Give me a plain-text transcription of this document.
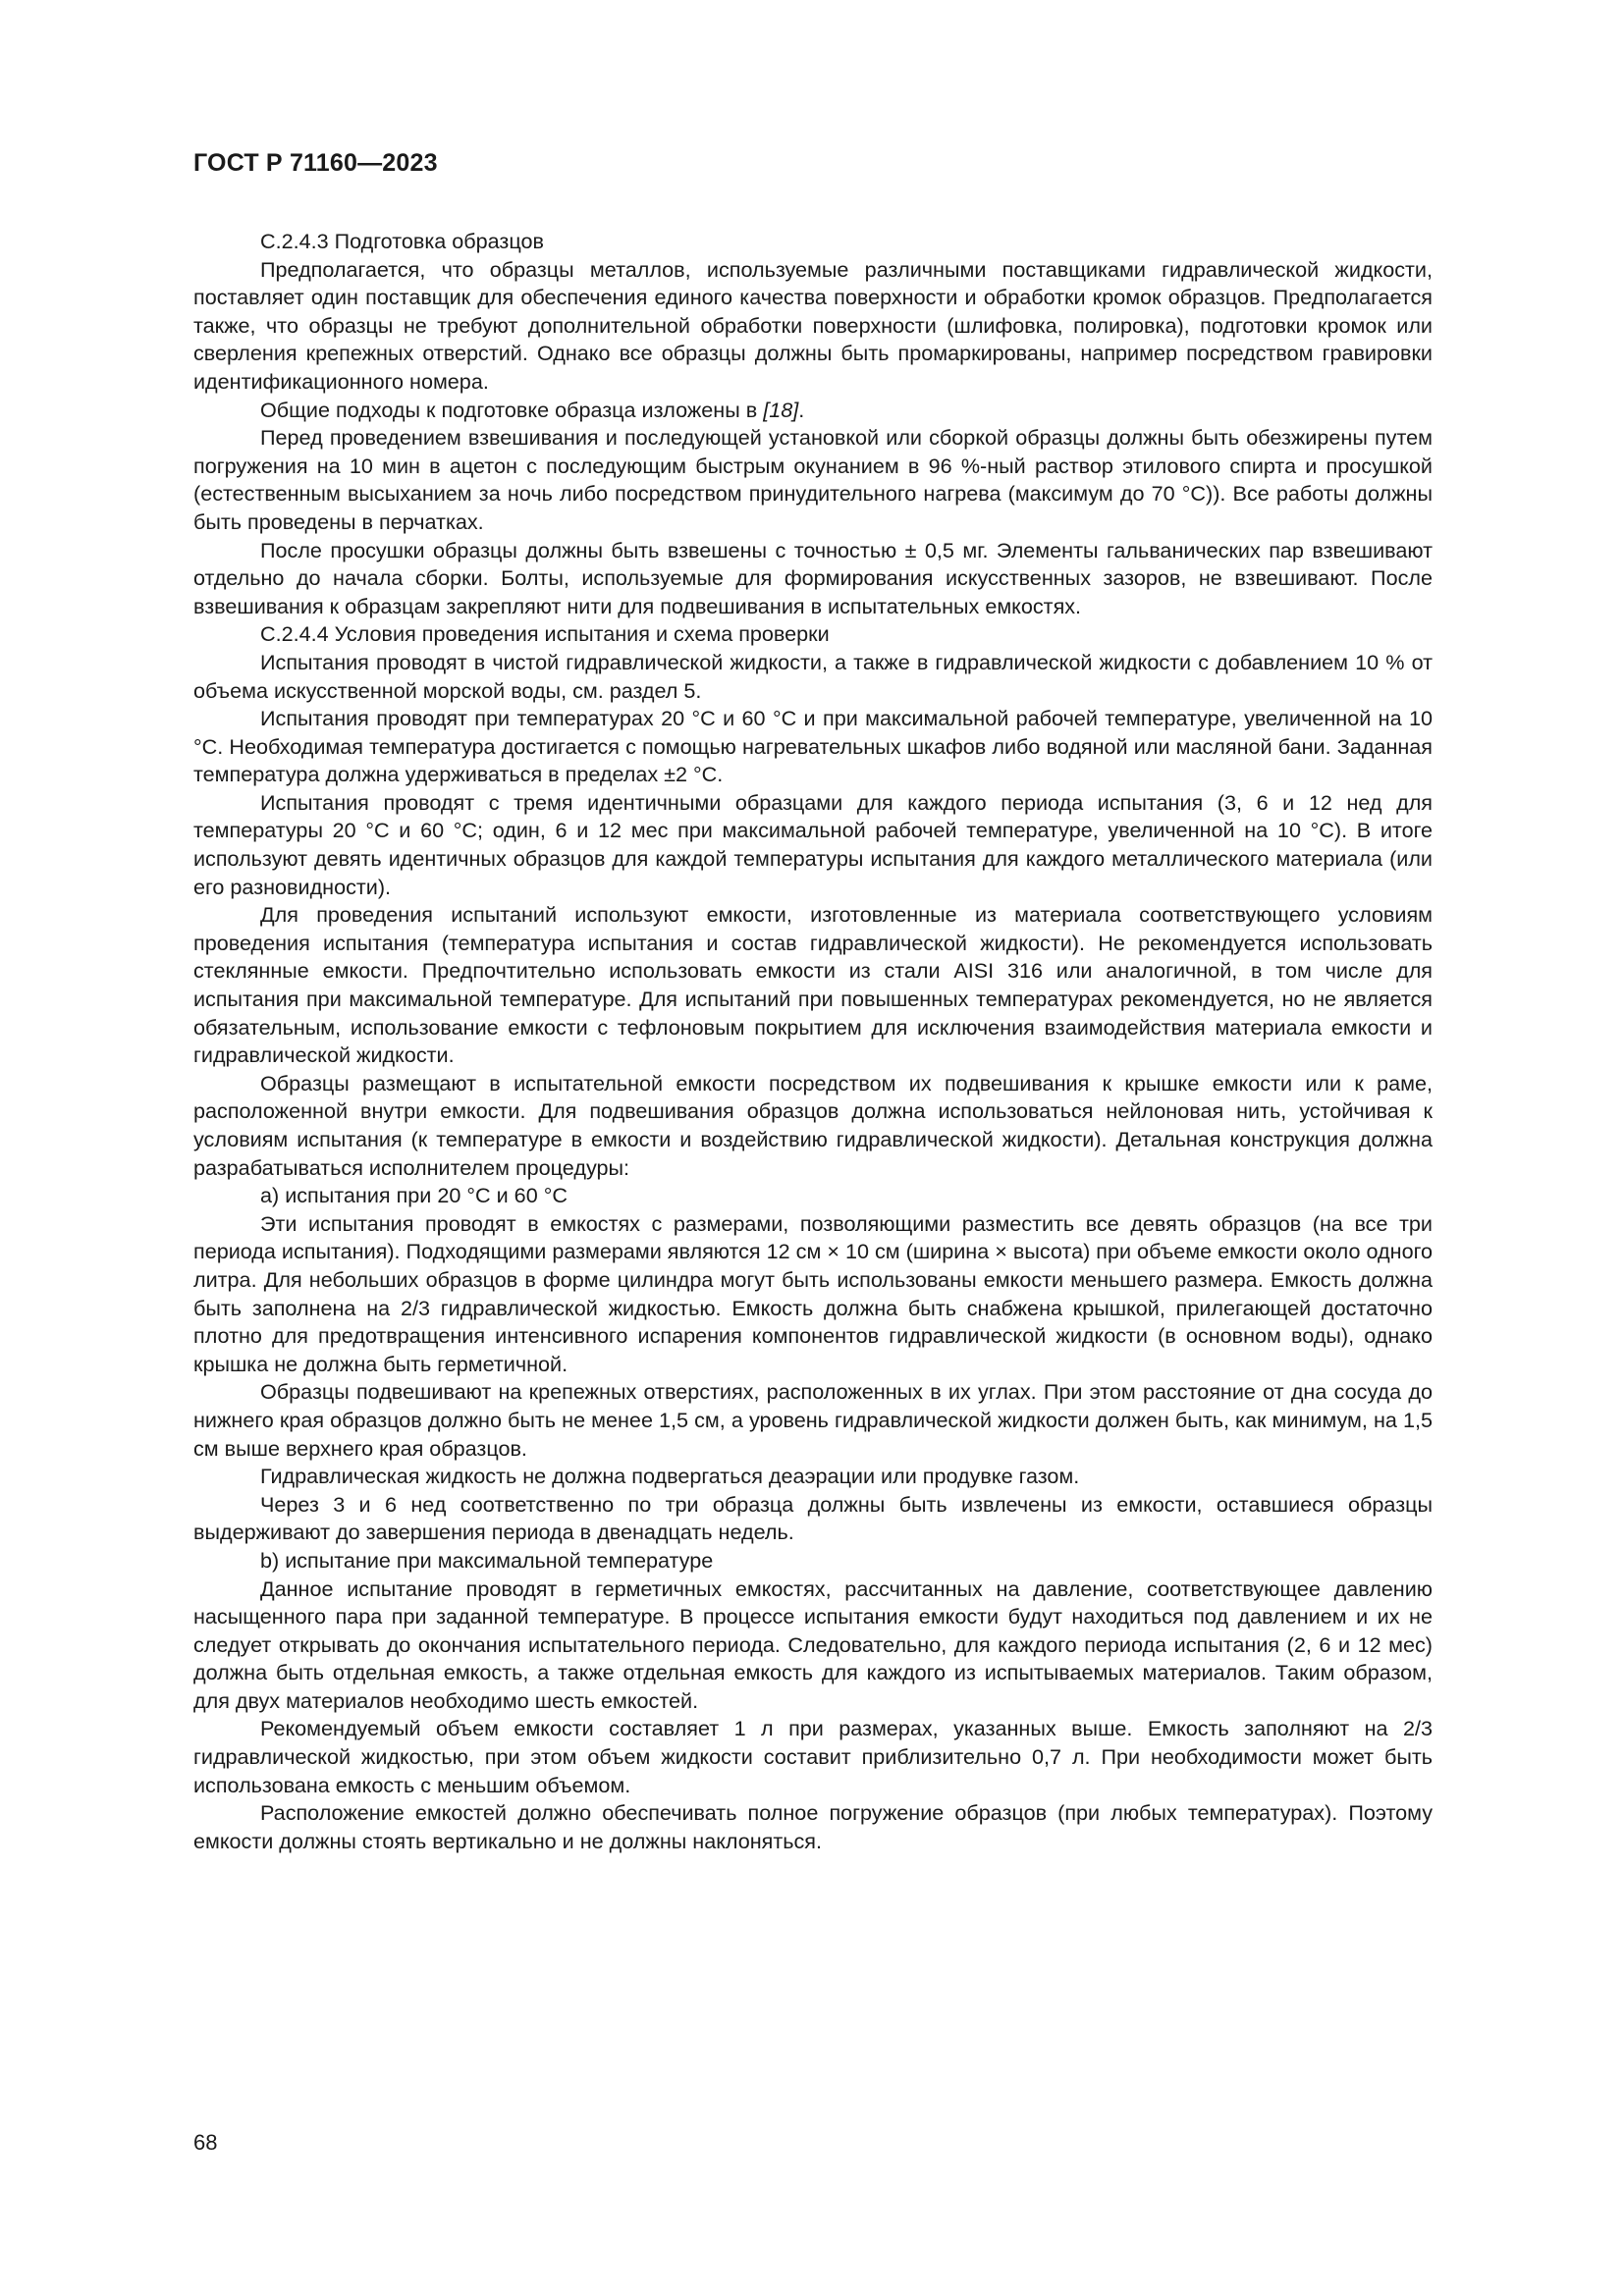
ГОСТ Р 71160—2023

С.2.4.3 Подготовка образцов

Предполагается, что образцы металлов, используемые различными поставщиками гидравлической жидкости, поставляет один поставщик для обеспечения единого качества поверхности и обработки кромок образцов. Предполагается также, что образцы не требуют дополнительной обработки поверхности (шлифовка, полировка), подготовки кромок или сверления крепежных отверстий. Однако все образцы должны быть промаркированы, например посредством гравировки идентификационного номера.

Общие подходы к подготовке образца изложены в [18].

Перед проведением взвешивания и последующей установкой или сборкой образцы должны быть обезжирены путем погружения на 10 мин в ацетон с последующим быстрым окунанием в 96 %-ный раствор этилового спирта и просушкой (естественным высыханием за ночь либо посредством принудительного нагрева (максимум до 70 °С)). Все работы должны быть проведены в перчатках.

После просушки образцы должны быть взвешены с точностью ± 0,5 мг. Элементы гальванических пар взвешивают отдельно до начала сборки. Болты, используемые для формирования искусственных зазоров, не взвешивают. После взвешивания к образцам закрепляют нити для подвешивания в испытательных емкостях.

С.2.4.4 Условия проведения испытания и схема проверки

Испытания проводят в чистой гидравлической жидкости, а также в гидравлической жидкости с добавлением 10 % от объема искусственной морской воды, см. раздел 5.

Испытания проводят при температурах 20 °С и 60 °С и при максимальной рабочей температуре, увеличенной на 10 °С. Необходимая температура достигается с помощью нагревательных шкафов либо водяной или масляной бани. Заданная температура должна удерживаться в пределах ±2 °С.

Испытания проводят с тремя идентичными образцами для каждого периода испытания (3, 6 и 12 нед для температуры 20 °С и 60 °С; один, 6 и 12 мес при максимальной рабочей температуре, увеличенной на 10 °С). В итоге используют девять идентичных образцов для каждой температуры испытания для каждого металлического материала (или его разновидности).

Для проведения испытаний используют емкости, изготовленные из материала соответствующего условиям проведения испытания (температура испытания и состав гидравлической жидкости). Не рекомендуется использовать стеклянные емкости. Предпочтительно использовать емкости из стали AISI 316 или аналогичной, в том числе для испытания при максимальной температуре. Для испытаний при повышенных температурах рекомендуется, но не является обязательным, использование емкости с тефлоновым покрытием для исключения взаимодействия материала емкости и гидравлической жидкости.

Образцы размещают в испытательной емкости посредством их подвешивания к крышке емкости или к раме, расположенной внутри емкости. Для подвешивания образцов должна использоваться нейлоновая нить, устойчивая к условиям испытания (к температуре в емкости и воздействию гидравлической жидкости). Детальная конструкция должна разрабатываться исполнителем процедуры:

а) испытания при 20 °С и 60 °С

Эти испытания проводят в емкостях с размерами, позволяющими разместить все девять образцов (на все три периода испытания). Подходящими размерами являются 12 см × 10 см (ширина × высота) при объеме емкости около одного литра. Для небольших образцов в форме цилиндра могут быть использованы емкости меньшего размера. Емкость должна быть заполнена на 2/3 гидравлической жидкостью. Емкость должна быть снабжена крышкой, прилегающей достаточно плотно для предотвращения интенсивного испарения компонентов гидравлической жидкости (в основном воды), однако крышка не должна быть герметичной.

Образцы подвешивают на крепежных отверстиях, расположенных в их углах. При этом расстояние от дна сосуда до нижнего края образцов должно быть не менее 1,5 см, а уровень гидравлической жидкости должен быть, как минимум, на 1,5 см выше верхнего края образцов.

Гидравлическая жидкость не должна подвергаться деаэрации или продувке газом.

Через 3 и 6 нед соответственно по три образца должны быть извлечены из емкости, оставшиеся образцы выдерживают до завершения периода в двенадцать недель.

b) испытание при максимальной температуре

Данное испытание проводят в герметичных емкостях, рассчитанных на давление, соответствующее давлению насыщенного пара при заданной температуре. В процессе испытания емкости будут находиться под давлением и их не следует открывать до окончания испытательного периода. Следовательно, для каждого периода испытания (2, 6 и 12 мес) должна быть отдельная емкость, а также отдельная емкость для каждого из испытываемых материалов. Таким образом, для двух материалов необходимо шесть емкостей.

Рекомендуемый объем емкости составляет 1 л при размерах, указанных выше. Емкость заполняют на 2/3 гидравлической жидкостью, при этом объем жидкости составит приблизительно 0,7 л. При необходимости может быть использована емкость с меньшим объемом.

Расположение емкостей должно обеспечивать полное погружение образцов (при любых температурах). Поэтому емкости должны стоять вертикально и не должны наклоняться.

68
